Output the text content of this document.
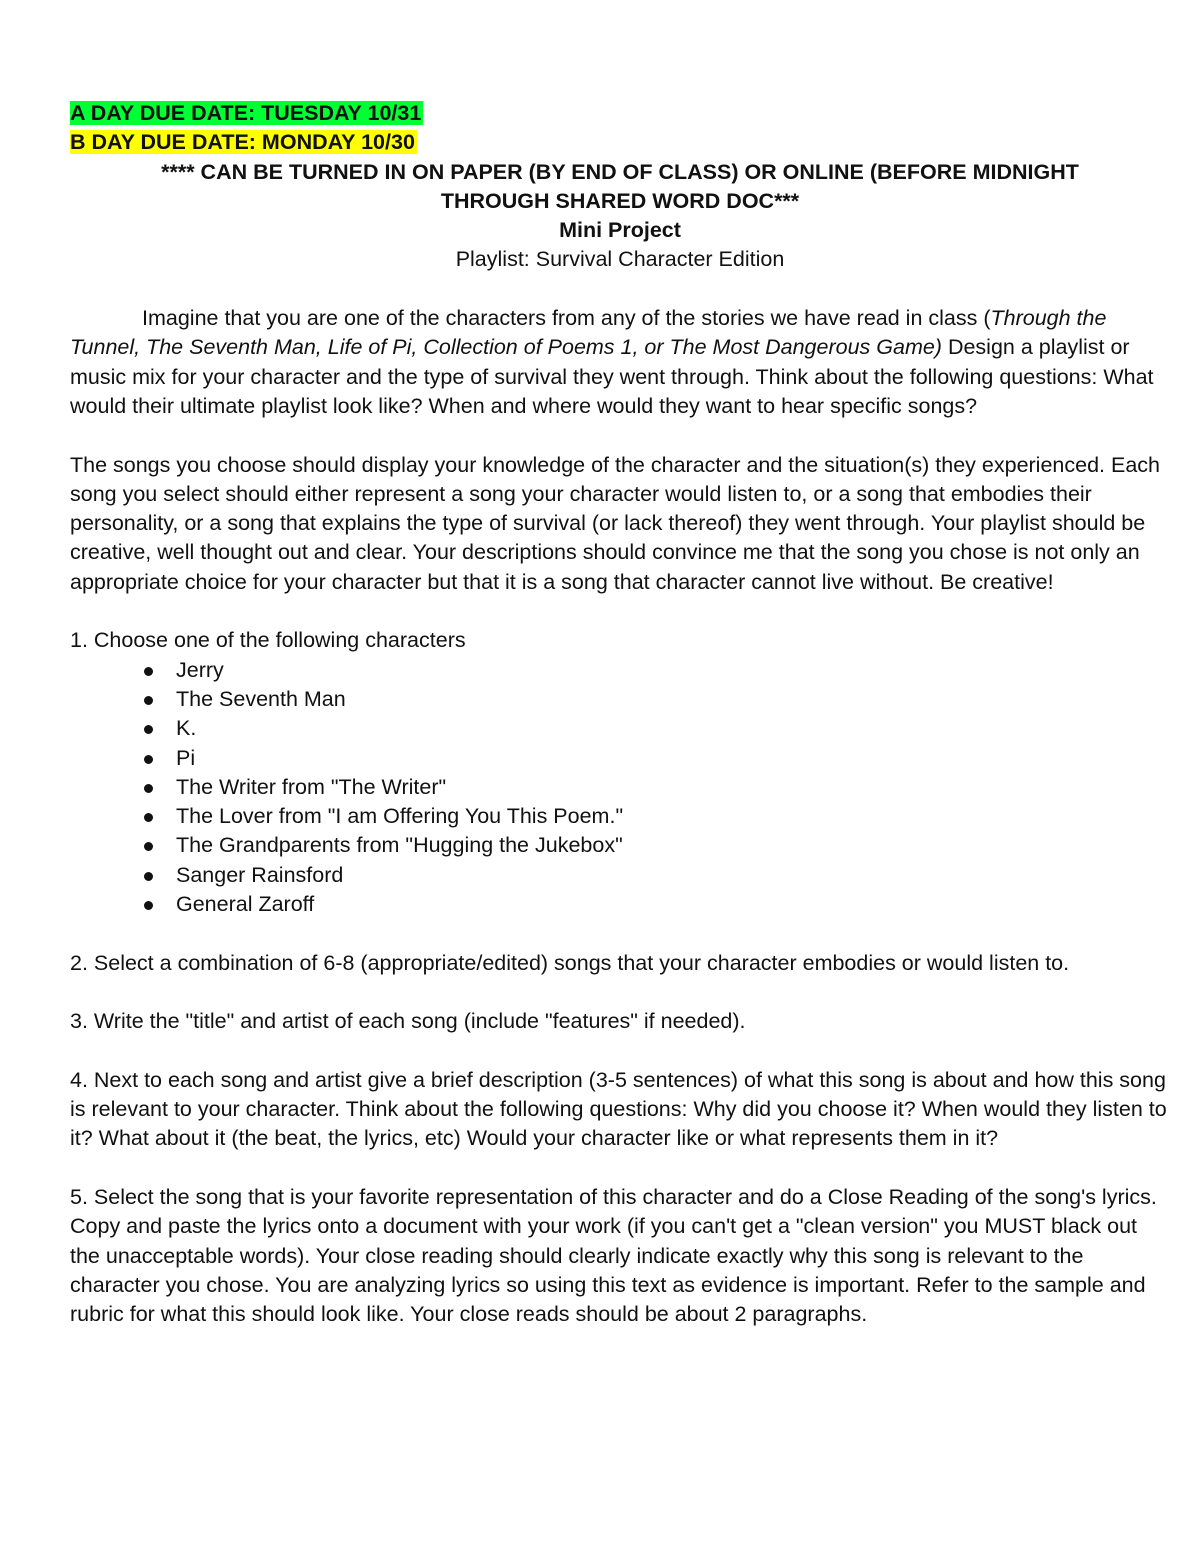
A DAY DUE DATE: TUESDAY 10/31
B DAY DUE DATE: MONDAY 10/30
**** CAN BE TURNED IN ON PAPER (BY END OF CLASS) OR ONLINE (BEFORE MIDNIGHT
THROUGH SHARED WORD DOC***
Mini Project
Playlist: Survival Character Edition

Imagine that you are one of the characters from any of the stories we have read in class (Through the Tunnel, The Seventh Man, Life of Pi, Collection of Poems 1, or The Most Dangerous Game) Design a playlist or music mix for your character and the type of survival they went through. Think about the following questions: What would their ultimate playlist look like? When and where would they want to hear specific songs?

The songs you choose should display your knowledge of the character and the situation(s) they experienced. Each song you select should either represent a song your character would listen to, or a song that embodies their personality, or a song that explains the type of survival (or lack thereof) they went through. Your playlist should be creative, well thought out and clear. Your descriptions should convince me that the song you chose is not only an appropriate choice for your character but that it is a song that character cannot live without. Be creative!

1. Choose one of the following characters
Jerry
The Seventh Man
K.
Pi
The Writer from "The Writer"
The Lover from "I am Offering You This Poem."
The Grandparents from "Hugging the Jukebox"
Sanger Rainsford
General Zaroff

2. Select a combination of 6-8 (appropriate/edited) songs that your character embodies or would listen to.

3. Write the "title" and artist of each song (include "features" if needed).

4. Next to each song and artist give a brief description (3-5 sentences) of what this song is about and how this song is relevant to your character. Think about the following questions: Why did you choose it? When would they listen to it? What about it (the beat, the lyrics, etc) Would your character like or what represents them in it?

5. Select the song that is your favorite representation of this character and do a Close Reading of the song's lyrics. Copy and paste the lyrics onto a document with your work (if you can't get a "clean version" you MUST black out the unacceptable words). Your close reading should clearly indicate exactly why this song is relevant to the character you chose. You are analyzing lyrics so using this text as evidence is important. Refer to the sample and rubric for what this should look like. Your close reads should be about 2 paragraphs.
